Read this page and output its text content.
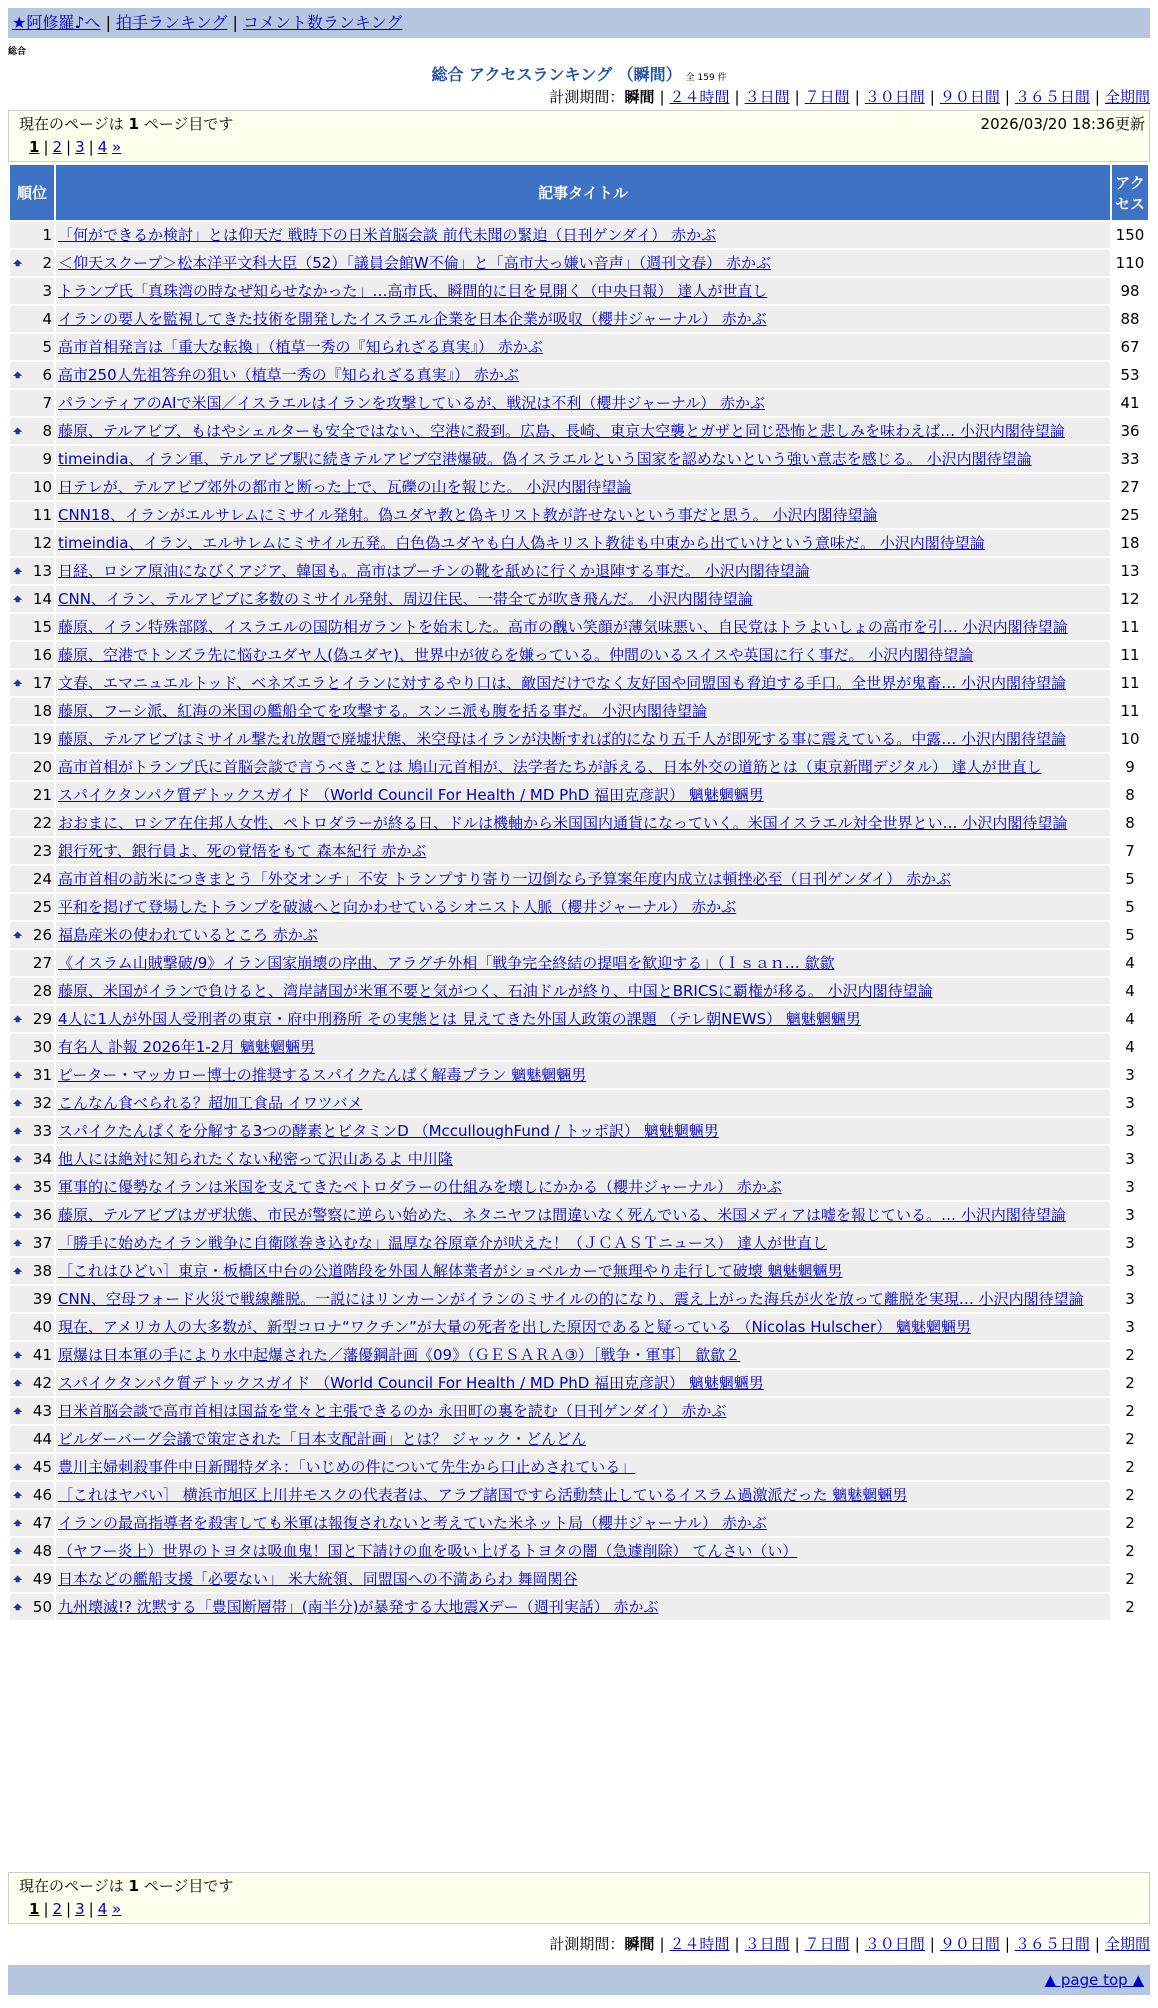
★阿修羅♪へ | 拍手ランキング | コメント数ランキング
総合
総合 アクセスランキング （瞬間） 全 159 件
計測期間：瞬間 | ２４時間 | ３日間 | ７日間 | ３０日間 | ９０日間 | ３６５日間 | 全期間
現在のページは 1 ページ目です	2026/03/20 18:36更新
1 | 2 | 3 | 4 »
順位	記事タイトル	アクセス
1	「何ができるか検討」とは仰天だ 戦時下の日米首脳会談 前代未聞の緊迫（日刊ゲンダイ） 赤かぶ	150

🠹 2	＜仰天スクープ＞松本洋平文科大臣（52）「議員会館W不倫」と「高市大っ嫌い音声」（週刊文春） 赤かぶ	110
3	トランプ氏「真珠湾の時なぜ知らせなかった」…高市氏、瞬間的に目を見開く（中央日報） 達人が世直し	98
4	イランの要人を監視してきた技術を開発したイスラエル企業を日本企業が吸収（櫻井ジャーナル） 赤かぶ	88
5	高市首相発言は「重大な転換」（植草一秀の『知られざる真実』） 赤かぶ	67

🠹 6	高市250人先祖答弁の狙い（植草一秀の『知られざる真実』） 赤かぶ	53
7	パランティアのAIで米国／イスラエルはイランを攻撃しているが、戦況は不利（櫻井ジャーナル） 赤かぶ	41

🠹 8	藤原、テルアビブ、もはやシェルターも安全ではない、空港に殺到。広島、長崎、東京大空襲とガザと同じ恐怖と悲しみを味わえば… 小沢内閣待望論	36
9	timeindia、イラン軍、テルアビブ駅に続きテルアビブ空港爆破。偽イスラエルという国家を認めないという強い意志を感じる。 小沢内閣待望論	33
10	日テレが、テルアビブ郊外の都市と断った上で、瓦礫の山を報じた。 小沢内閣待望論	27
11	CNN18、イランがエルサレムにミサイル発射。偽ユダヤ教と偽キリスト教が許せないという事だと思う。 小沢内閣待望論	25
12	timeindia、イラン、エルサレムにミサイル五発。白色偽ユダヤも白人偽キリスト教徒も中東から出ていけという意味だ。 小沢内閣待望論	18

🠹 13	日経、ロシア原油になびくアジア、韓国も。高市はプーチンの靴を舐めに行くか退陣する事だ。 小沢内閣待望論	13

🠹 14	CNN、イラン、テルアビブに多数のミサイル発射、周辺住民、一帯全てが吹き飛んだ。 小沢内閣待望論	12
15	藤原、イラン特殊部隊、イスラエルの国防相ガラントを始末した。高市の醜い笑顔が薄気味悪い、自民党はトラよいしょの高市を引… 小沢内閣待望論	11
16	藤原、空港でトンズラ先に悩むユダヤ人(偽ユダヤ)、世界中が彼らを嫌っている。仲間のいるスイスや英国に行く事だ。 小沢内閣待望論	11

🠹 17	文春、エマニュエルトッド、ベネズエラとイランに対するやり口は、敵国だけでなく友好国や同盟国も脅迫する手口。全世界が鬼畜… 小沢内閣待望論	11
18	藤原、フーシ派、紅海の米国の艦船全てを攻撃する。スンニ派も腹を括る事だ。 小沢内閣待望論	11
19	藤原、テルアビブはミサイル撃たれ放題で廃墟状態、米空母はイランが決断すれば的になり五千人が即死する事に震えている。中露… 小沢内閣待望論	10
20	高市首相がトランプ氏に首脳会談で言うべきことは 鳩山元首相が、法学者たちが訴える、日本外交の道筋とは（東京新聞デジタル） 達人が世直し	9
21	スパイクタンパク質デトックスガイド （World Council For Health / MD PhD 福田克彦訳） 魑魅魍魎男	8
22	おおまに、ロシア在住邦人女性、ペトロダラーが終る日、ドルは機軸から米国国内通貨になっていく。米国イスラエル対全世界とい… 小沢内閣待望論	8
23	銀行死す、銀行員よ、死の覚悟をもて 森本紀行 赤かぶ	7
24	高市首相の訪米につきまとう「外交オンチ」不安 トランプすり寄り一辺倒なら予算案年度内成立は頓挫必至（日刊ゲンダイ） 赤かぶ	5
25	平和を掲げて登場したトランプを破滅へと向かわせているシオニスト人脈（櫻井ジャーナル） 赤かぶ	5

🠹 26	福島産米の使われているところ 赤かぶ	5
27	《イスラム山賊撃破/9》イラン国家崩壊の序曲、アラグチ外相「戦争完全終結の提唱を歓迎する」（Ｉｓａｎ… 歙歙	4
28	藤原、米国がイランで負けると、湾岸諸国が米軍不要と気がつく、石油ドルが終り、中国とBRICSに覇権が移る。 小沢内閣待望論	4

🠹 29	4人に1人が外国人受刑者の東京・府中刑務所 その実態とは 見えてきた外国人政策の課題 （テレ朝NEWS） 魑魅魍魎男	4
30	有名人 訃報 2026年1-2月 魑魅魍魎男	4

🠹 31	ピーター・マッカロー博士の推奨するスパイクたんぱく解毒プラン 魑魅魍魎男	3

🠹 32	こんなん食べられる？超加工食品 イワツバメ	3

🠹 33	スパイクたんぱくを分解する3つの酵素とビタミンD （McculloughFund / トッポ訳） 魑魅魍魎男	3

🠹 34	他人には絶対に知られたくない秘密って沢山あるよ 中川隆	3

🠹 35	軍事的に優勢なイランは米国を支えてきたペトロダラーの仕組みを壊しにかかる（櫻井ジャーナル） 赤かぶ	3

🠹 36	藤原、テルアビブはガザ状態、市民が警察に逆らい始めた、ネタニヤフは間違いなく死んでいる、米国メディアは嘘を報じている。… 小沢内閣待望論	3

🠹 37	「勝手に始めたイラン戦争に自衛隊巻き込むな」温厚な谷原章介が吠えた！（ＪＣＡＳＴニュース） 達人が世直し	3

🠹 38	［これはひどい］東京・板橋区中台の公道階段を外国人解体業者がショベルカーで無理やり走行して破壊 魑魅魍魎男	3
39	CNN、空母フォード火災で戦線離脱。一説にはリンカーンがイランのミサイルの的になり、震え上がった海兵が火を放って離脱を実現… 小沢内閣待望論	3
40	現在、アメリカ人の大多数が、新型コロナ“ワクチン”が大量の死者を出した原因であると疑っている （Nicolas Hulscher） 魑魅魍魎男	3

🠹 41	原爆は日本軍の手により水中起爆された／藩優鋼計画《09》（ＧＥＳＡＲＡ③）［戦争・軍事］ 歙歙２	2

🠹 42	スパイクタンパク質デトックスガイド （World Council For Health / MD PhD 福田克彦訳） 魑魅魍魎男	2

🠹 43	日米首脳会談で高市首相は国益を堂々と主張できるのか 永田町の裏を読む（日刊ゲンダイ） 赤かぶ	2
44	ビルダーバーグ会議で策定された「日本支配計画」とは？ ジャック・どんどん	2

🠹 45	豊川主婦刺殺事件中日新聞特ダネ：「いじめの件について先生から口止めされている」	2

🠹 46	［これはヤバい］ 横浜市旭区上川井モスクの代表者は、アラブ諸国ですら活動禁止しているイスラム過激派だった 魑魅魍魎男	2

🠹 47	イランの最高指導者を殺害しても米軍は報復されないと考えていた米ネット局（櫻井ジャーナル） 赤かぶ	2

🠹 48	（ヤフー炎上）世界のトヨタは吸血鬼！国と下請けの血を吸い上げるトヨタの闇（急遽削除） てんさい（い）	2

🠹 49	日本などの艦船支援「必要ない」 米大統領、同盟国への不満あらわ 舞岡関谷	2

🠹 50	九州壊滅!? 沈黙する「豊国断層帯」(南半分)が暴発する大地震Xデー（週刊実話） 赤かぶ	2
現在のページは 1 ページ目です
1 | 2 | 3 | 4 »
計測期間：瞬間 | ２４時間 | ３日間 | ７日間 | ３０日間 | ９０日間 | ３６５日間 | 全期間
▲ page top ▲
